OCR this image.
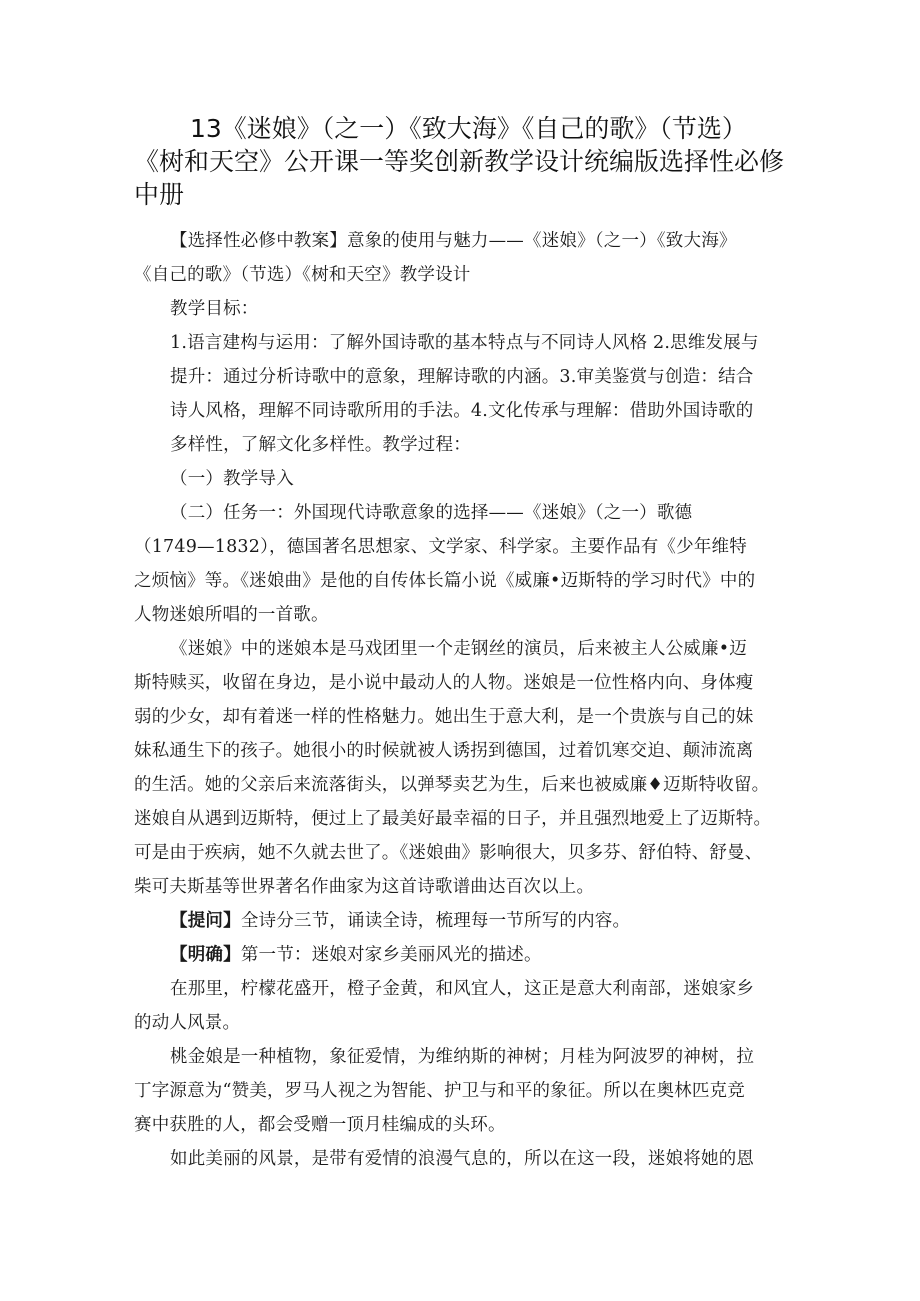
13《迷娘》（之一）《致大海》《自己的歌》（节选）
《树和天空》公开课一等奖创新教学设计统编版选择性必修
中册
【选择性必修中教案】意象的使用与魅力——《迷娘》（之一）《致大海》
《自己的歌》（节选）《树和天空》教学设计
教学目标：
1.语言建构与运用：了解外国诗歌的基本特点与不同诗人风格 2.思维发展与
提升：通过分析诗歌中的意象，理解诗歌的内涵。3.审美鉴赏与创造：结合
诗人风格，理解不同诗歌所用的手法。4.文化传承与理解：借助外国诗歌的
多样性，了解文化多样性。教学过程：
（一）教学导入
（二）任务一：外国现代诗歌意象的选择——《迷娘》（之一）歌德
（1749—1832），德国著名思想家、文学家、科学家。主要作品有《少年维特
之烦恼》等。《迷娘曲》是他的自传体长篇小说《威廉•迈斯特的学习时代》中的
人物迷娘所唱的一首歌。
《迷娘》中的迷娘本是马戏团里一个走钢丝的演员，后来被主人公威廉•迈
斯特赎买，收留在身边，是小说中最动人的人物。迷娘是一位性格内向、身体瘦
弱的少女，却有着迷一样的性格魅力。她出生于意大利，是一个贵族与自己的妹
妹私通生下的孩子。她很小的时候就被人诱拐到德国，过着饥寒交迫、颠沛流离
的生活。她的父亲后来流落街头，以弹琴卖艺为生，后来也被威廉♦迈斯特收留。
迷娘自从遇到迈斯特，便过上了最美好最幸福的日子，并且强烈地爱上了迈斯特。
可是由于疾病，她不久就去世了。《迷娘曲》影响很大，贝多芬、舒伯特、舒曼、
柴可夫斯基等世界著名作曲家为这首诗歌谱曲达百次以上。
【提问】全诗分三节，诵读全诗，梳理每一节所写的内容。
【明确】第一节：迷娘对家乡美丽风光的描述。
在那里，柠檬花盛开，橙子金黄，和风宜人，这正是意大利南部，迷娘家乡
的动人风景。
桃金娘是一种植物，象征爱情，为维纳斯的神树；月桂为阿波罗的神树，拉
丁字源意为“赞美，罗马人视之为智能、护卫与和平的象征。所以在奥林匹克竞
赛中获胜的人，都会受赠一顶月桂编成的头环。
如此美丽的风景，是带有爱情的浪漫气息的，所以在这一段，迷娘将她的恩
